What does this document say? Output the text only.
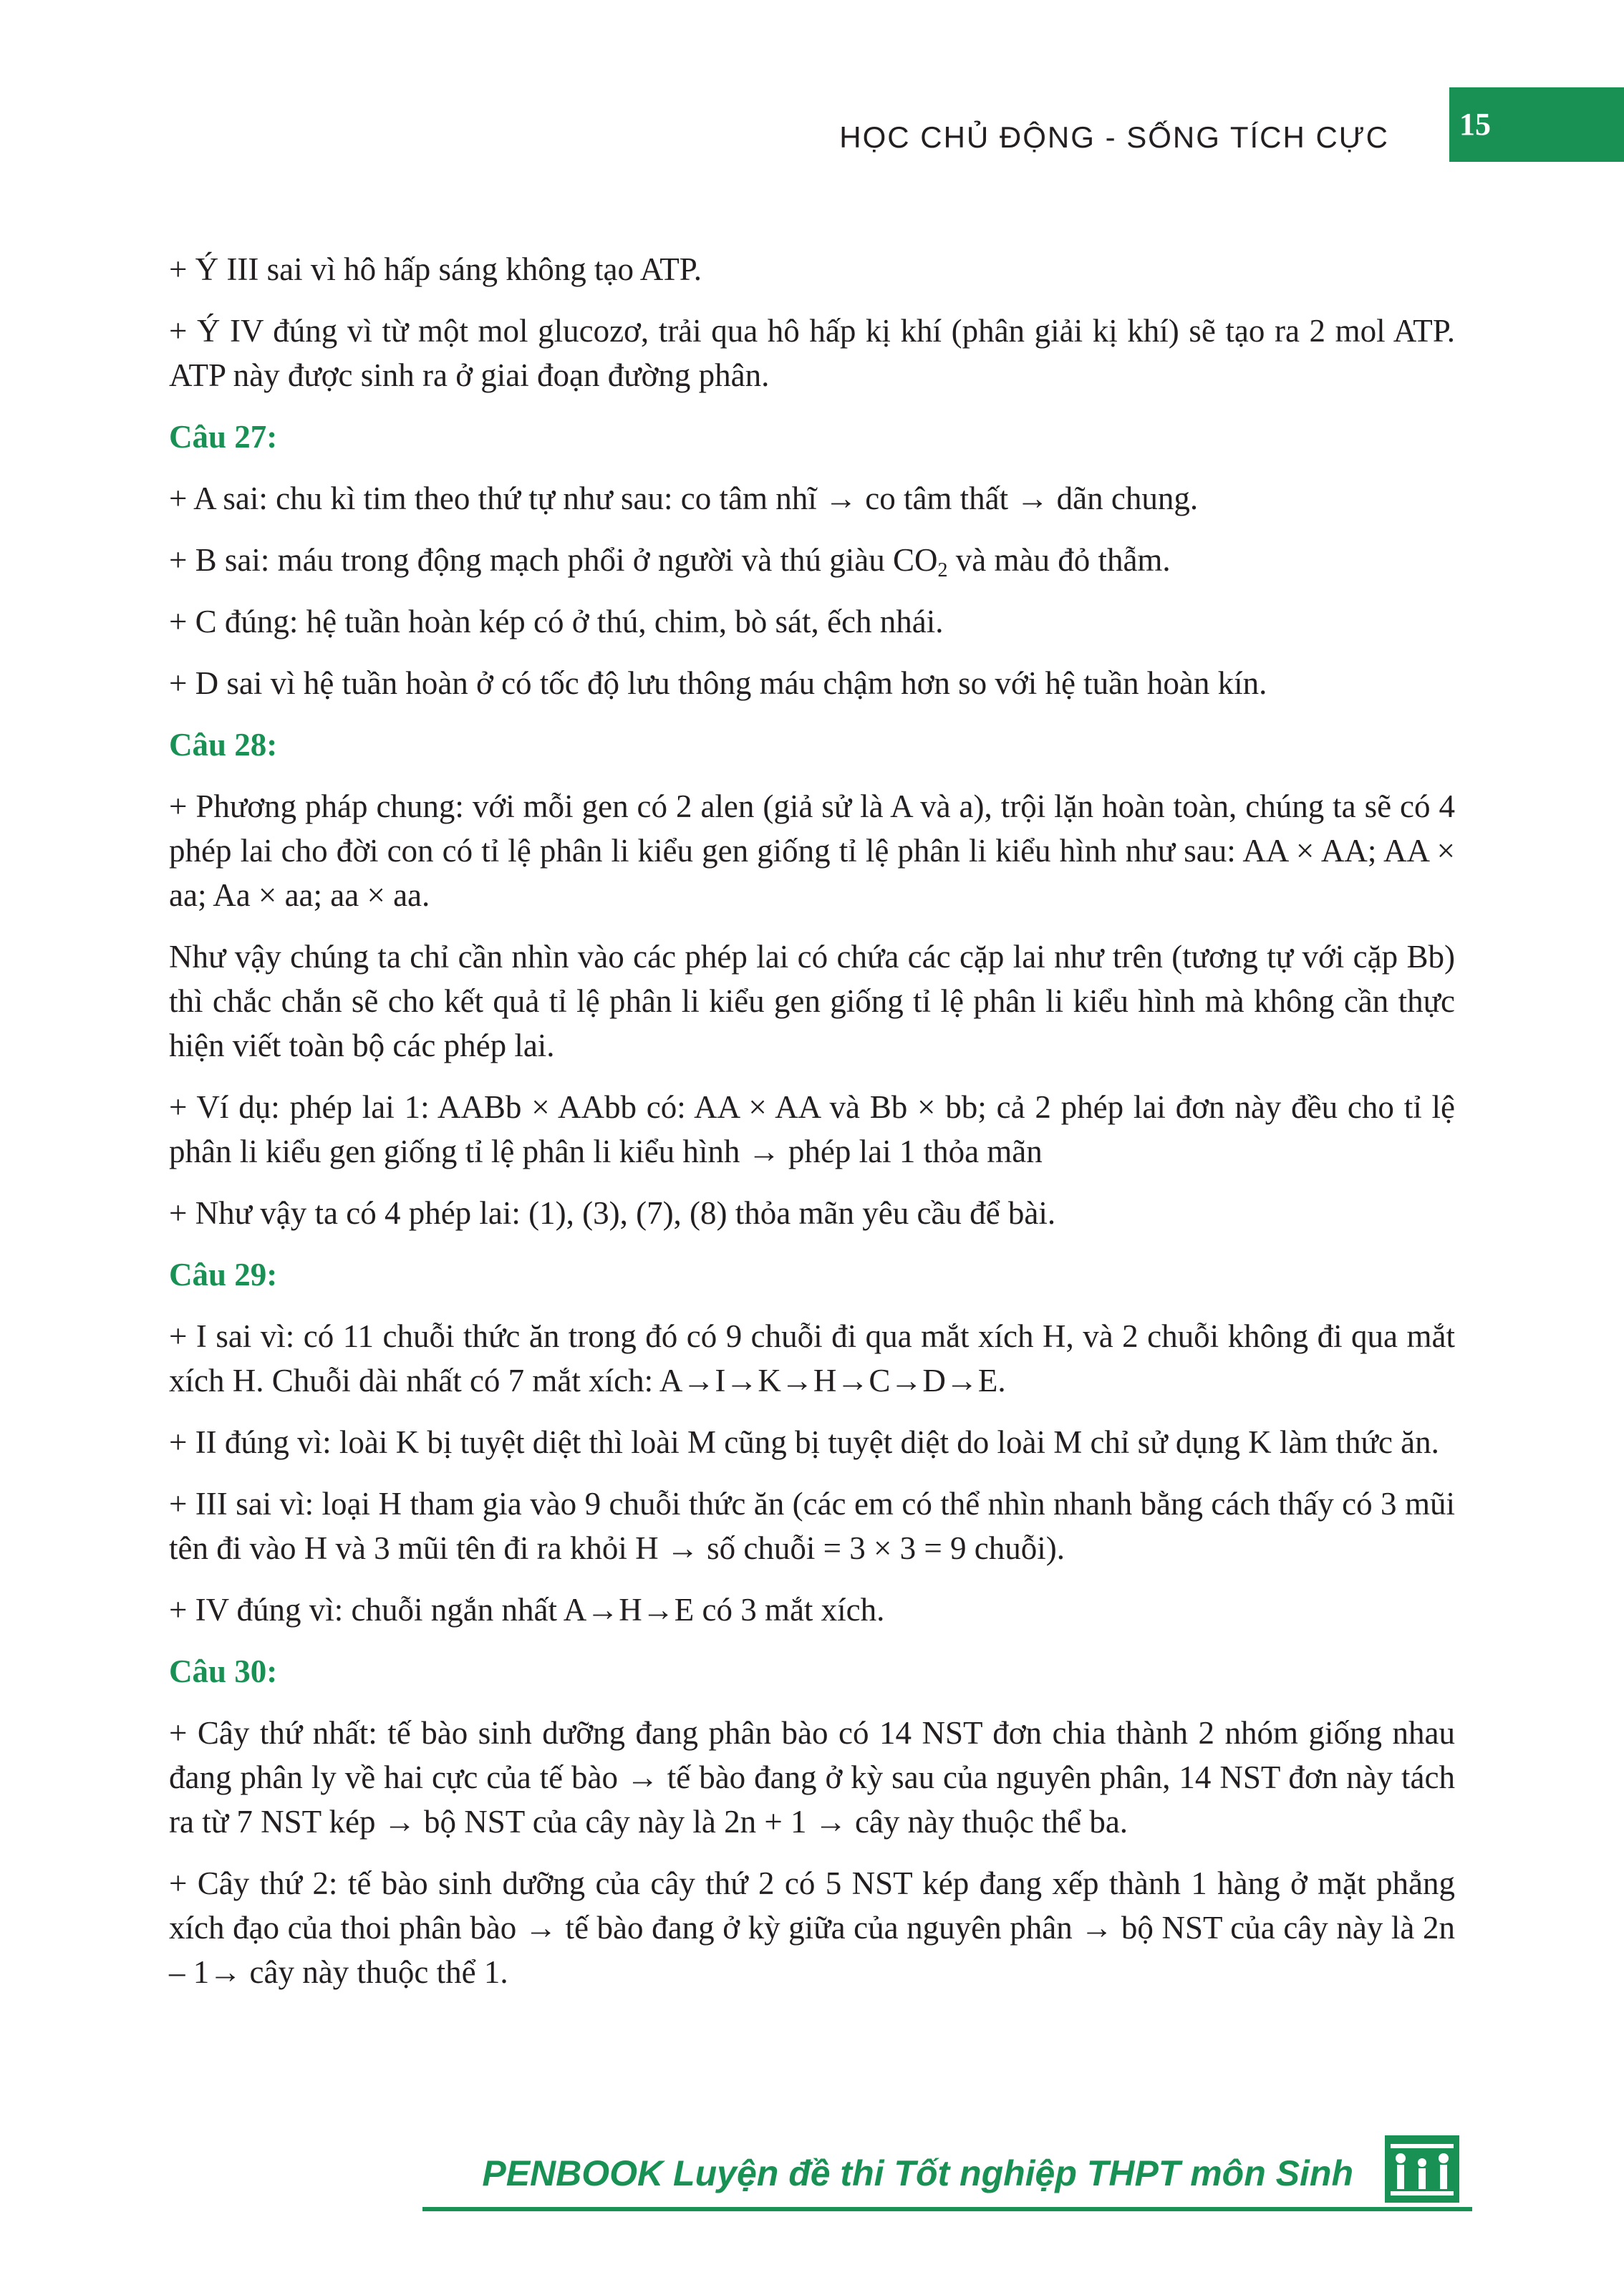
HỌC CHỦ ĐỘNG - SỐNG TÍCH CỰC 15

+ Ý III sai vì hô hấp sáng không tạo ATP.

+ Ý IV đúng vì từ một mol glucozơ, trải qua hô hấp kị khí (phân giải kị khí) sẽ tạo ra 2 mol ATP. ATP này được sinh ra ở giai đoạn đường phân.

Câu 27:

+ A sai: chu kì tim theo thứ tự như sau: co tâm nhĩ → co tâm thất → dãn chung.

+ B sai: máu trong động mạch phổi ở người và thú giàu $CO_2$ và màu đỏ thẫm.

+ C đúng: hệ tuần hoàn kép có ở thú, chim, bò sát, ếch nhái.

+ D sai vì hệ tuần hoàn ở có tốc độ lưu thông máu chậm hơn so với hệ tuần hoàn kín.

Câu 28:

+ Phương pháp chung: với mỗi gen có 2 alen (giả sử là A và a), trội lặn hoàn toàn, chúng ta sẽ có 4 phép lai cho đời con có tỉ lệ phân li kiểu gen giống tỉ lệ phân li kiểu hình như sau: AA × AA; AA × aa; Aa × aa; aa × aa.

Như vậy chúng ta chỉ cần nhìn vào các phép lai có chứa các cặp lai như trên (tương tự với cặp Bb) thì chắc chắn sẽ cho kết quả tỉ lệ phân li kiểu gen giống tỉ lệ phân li kiểu hình mà không cần thực hiện viết toàn bộ các phép lai.

+ Ví dụ: phép lai 1: AABb × AAbb có: AA × AA và Bb × bb; cả 2 phép lai đơn này đều cho tỉ lệ phân li kiểu gen giống tỉ lệ phân li kiểu hình → phép lai 1 thỏa mãn

+ Như vậy ta có 4 phép lai: (1), (3), (7), (8) thỏa mãn yêu cầu để bài.

Câu 29:

+ I sai vì: có 11 chuỗi thức ăn trong đó có 9 chuỗi đi qua mắt xích H, và 2 chuỗi không đi qua mắt xích H. Chuỗi dài nhất có 7 mắt xích: A→I→K→H→C→D→E.

+ II đúng vì: loài K bị tuyệt diệt thì loài M cũng bị tuyệt diệt do loài M chỉ sử dụng K làm thức ăn.

+ III sai vì: loại H tham gia vào 9 chuỗi thức ăn (các em có thể nhìn nhanh bằng cách thấy có 3 mũi tên đi vào H và 3 mũi tên đi ra khỏi H → số chuỗi = 3 × 3 = 9 chuỗi).

+ IV đúng vì: chuỗi ngắn nhất A→H→E có 3 mắt xích.

Câu 30:

+ Cây thứ nhất: tế bào sinh dưỡng đang phân bào có 14 NST đơn chia thành 2 nhóm giống nhau đang phân ly về hai cực của tế bào → tế bào đang ở kỳ sau của nguyên phân, 14 NST đơn này tách ra từ 7 NST kép → bộ NST của cây này là 2n + 1 → cây này thuộc thể ba.

+ Cây thứ 2: tế bào sinh dưỡng của cây thứ 2 có 5 NST kép đang xếp thành 1 hàng ở mặt phẳng xích đạo của thoi phân bào → tế bào đang ở kỳ giữa của nguyên phân → bộ NST của cây này là 2n – 1→ cây này thuộc thể 1.

PENBOOK Luyện đề thi Tốt nghiệp THPT môn Sinh
